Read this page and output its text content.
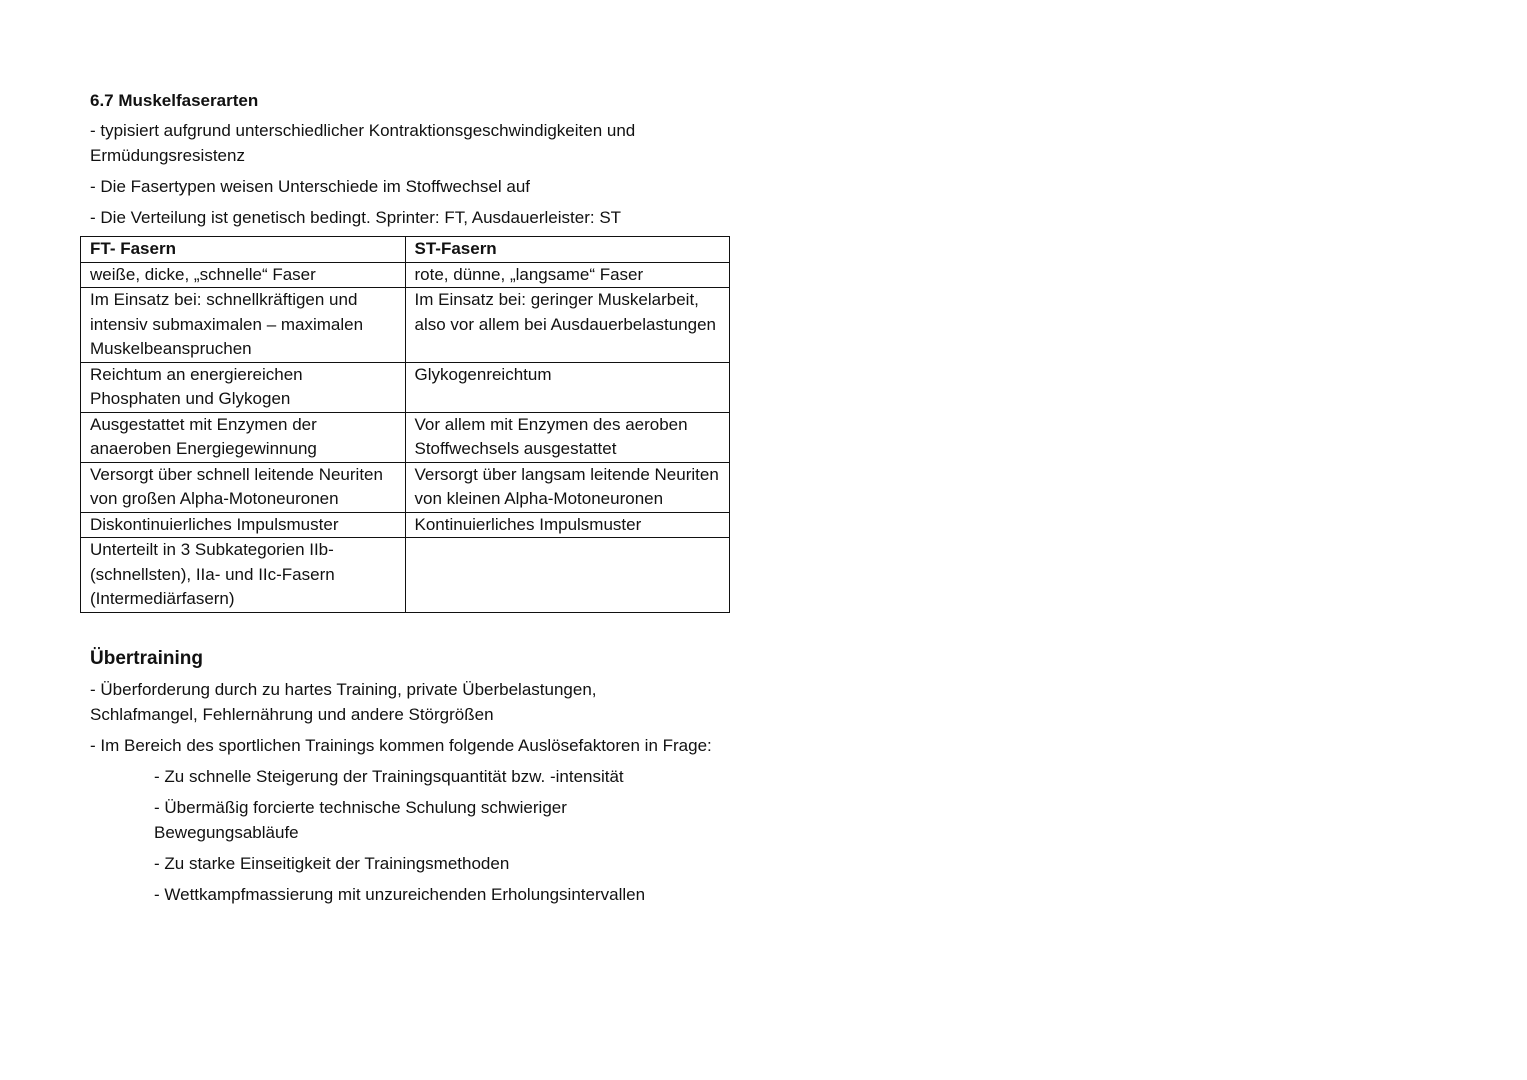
6.7 Muskelfaserarten
- typisiert aufgrund unterschiedlicher Kontraktionsgeschwindigkeiten und Ermüdungsresistenz
- Die Fasertypen weisen Unterschiede im Stoffwechsel auf
- Die Verteilung ist genetisch bedingt. Sprinter: FT, Ausdauerleister: ST
FT- Fasern	ST-Fasern
weiße, dicke, „schnelle“ Faser	rote, dünne, „langsame“ Faser
Im Einsatz bei: schnellkräftigen und intensiv submaximalen – maximalen Muskelbeanspruchen	Im Einsatz bei: geringer Muskelarbeit, also vor allem bei Ausdauerbelastungen
Reichtum an energiereichen Phosphaten und Glykogen	Glykogenreichtum
Ausgestattet mit Enzymen der anaeroben Energiegewinnung	Vor allem mit Enzymen des aeroben Stoffwechsels ausgestattet
Versorgt über schnell leitende Neuriten von großen Alpha-Motoneuronen	Versorgt über langsam leitende Neuriten von kleinen Alpha-Motoneuronen
Diskontinuierliches Impulsmuster	Kontinuierliches Impulsmuster
Unterteilt in 3 Subkategorien IIb- (schnellsten), IIa- und IIc-Fasern (Intermediärfasern)	
Übertraining
- Überforderung durch zu hartes Training, private Überbelastungen, Schlafmangel, Fehlernährung und andere Störgrößen
- Im Bereich des sportlichen Trainings kommen folgende Auslösefaktoren in Frage:
- Zu schnelle Steigerung der Trainingsquantität bzw. -intensität
- Übermäßig forcierte technische Schulung schwieriger Bewegungsabläufe
- Zu starke Einseitigkeit der Trainingsmethoden
- Wettkampfmassierung mit unzureichenden Erholungsintervallen
